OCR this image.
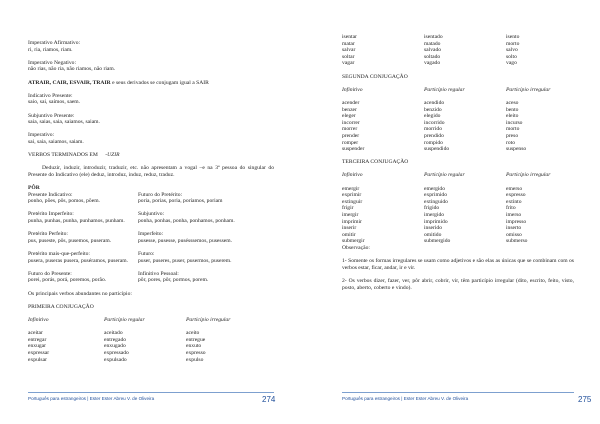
Imperativo Afirmativo:
ri, ria, riamos, riam.
Imperativo Negativo:
não rias, não ria, não riamos, não riam.
ATRAIR, CAIR, ESVAIR, TRAIR e seus derivados se conjugam igual a SAIR
Indicativo Presente:
saio, sai, saímos, saem.
Subjuntivo Presente:
saia, saias, saia, saiamos, saiam.
Imperativo:
sai, saia, saiamos, saiam.
VERBOS TERMINADOS EM -UZIR
Deduzir, induzir, introduzir, traduzir, etc. não apresentam a vogal –e na 3ª pessoa do singular do Presente do Indicativo (ele) deduz, introduz, induz, reduz, traduz.
PÔR
Presente Indicativo:
ponho, pões, pôs, pomos, põem.
Futuro do Pretérito:
poria, porias, poria, poríamos, poriam
Pretérito Imperfeito:
punha, punhas, punha, punhamos, punham.
Subjuntivo:
ponha, ponhas, ponha, ponhamos, ponham.
Pretérito Perfeito:
pus, puseste, pôs, pusemos, puseram.
Imperfeito:
pusesse, pusesse, pusésssemos, pusessem.
Pretérito mais-que-perfeito:
pusera, puseras pusera, puséramos, puseram.
Futuro:
puser, puseres, puser, pusermos, puserem.
Futuro do Presente:
porei, porás, porá, poremos, porão.
Infinitivo Pessoal:
pôr, pores, pôr, pormos, porem.
Os principais verbos abundantes no particípio:
PRIMEIRA CONJUGAÇÃO
Infinitivo	Particípio regular	Particípio irregular
aceitar	aceitado	aceito
entregar	entregado	entregue
enxugar	enxugado	enxuto
expressar	expressado	expresso
expulsar	expulsado	expulso
Português para estrangeiros | Ester Ester Abreu V. de Oliveira	274
isentar	isentado	isento
matar	matado	morto
salvar	salvado	salvo
soltar	soltado	solto
vagar	vagado	vago
SEGUNDA CONJUGAÇÃO
Infinitivo	Particípio regular	Particípio irregular
acender	acendido	aceso
benzer	benzido	bento
eleger	elegido	eleito
incorrer	incorrido	incurso
morrer	morrido	morto
prender	prendido	preso
romper	rompido	roto
suspender	suspendido	suspenso
TERCEIRA CONJUGAÇÃO
Infinitivo	Particípio regular	Particípio irregular
emergir	emergido	emerso
exprimir	exprimido	expresso
extinguir	extinguido	extinto
frigir	frigido	frito
imergir	imergido	imerso
imprimir	imprimido	impresso
inserir	inserido	inserto
omitir	omitido	omisso
submergir	submergido	submerso
Observação:
1- Somente os formas irregulares se usam como adjetivos e são elas as únicas que se combinam com os verbos estar, ficar, andar, ir e vir.
2- Os verbos dizer, fazer, ver, pôr abrir, cobrir, vir, têm particípio irregular (dito, escrito, feito, visto, posto, aberto, coberto e vindo).
Português para estrangeiros | Ester Ester Abreu V. de Oliveira	275
